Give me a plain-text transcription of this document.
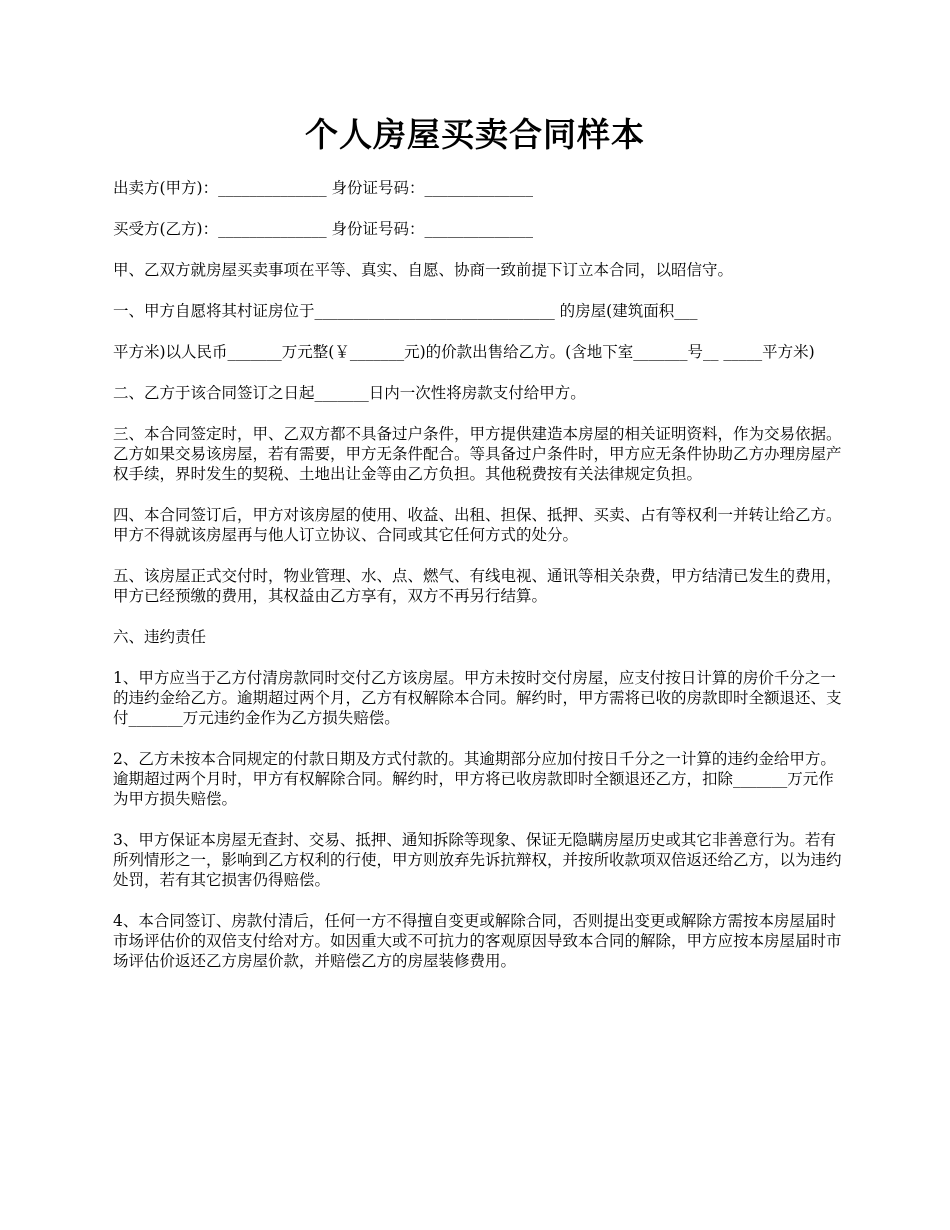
个人房屋买卖合同样本

出卖方(甲方)：______________ 身份证号码：______________

买受方(乙方)：______________ 身份证号码：______________

甲、乙双方就房屋买卖事项在平等、真实、自愿、协商一致前提下订立本合同，以昭信守。

一、甲方自愿将其村证房位于_______________________________ 的房屋(建筑面积___

平方米)以人民币_______万元整(￥_______元)的价款出售给乙方。(含地下室_______号__ _____平方米)

二、乙方于该合同签订之日起_______日内一次性将房款支付给甲方。

三、本合同签定时，甲、乙双方都不具备过户条件，甲方提供建造本房屋的相关证明资料，作为交易依据。乙方如果交易该房屋，若有需要，甲方无条件配合。等具备过户条件时，甲方应无条件协助乙方办理房屋产权手续，界时发生的契税、土地出让金等由乙方负担。其他税费按有关法律规定负担。

四、本合同签订后，甲方对该房屋的使用、收益、出租、担保、抵押、买卖、占有等权利一并转让给乙方。甲方不得就该房屋再与他人订立协议、合同或其它任何方式的处分。

五、该房屋正式交付时，物业管理、水、点、燃气、有线电视、通讯等相关杂费，甲方结清已发生的费用，甲方已经预缴的费用，其权益由乙方享有，双方不再另行结算。

六、违约责任

1、甲方应当于乙方付清房款同时交付乙方该房屋。甲方未按时交付房屋，应支付按日计算的房价千分之一的违约金给乙方。逾期超过两个月，乙方有权解除本合同。解约时，甲方需将已收的房款即时全额退还、支付_______万元违约金作为乙方损失赔偿。

2、乙方未按本合同规定的付款日期及方式付款的。其逾期部分应加付按日千分之一计算的违约金给甲方。逾期超过两个月时，甲方有权解除合同。解约时，甲方将已收房款即时全额退还乙方，扣除_______万元作为甲方损失赔偿。

3、甲方保证本房屋无查封、交易、抵押、通知拆除等现象、保证无隐瞒房屋历史或其它非善意行为。若有所列情形之一，影响到乙方权利的行使，甲方则放弃先诉抗辩权，并按所收款项双倍返还给乙方，以为违约处罚，若有其它损害仍得赔偿。

4、本合同签订、房款付清后，任何一方不得擅自变更或解除合同，否则提出变更或解除方需按本房屋届时市场评估价的双倍支付给对方。如因重大或不可抗力的客观原因导致本合同的解除，甲方应按本房屋届时市场评估价返还乙方房屋价款，并赔偿乙方的房屋装修费用。
